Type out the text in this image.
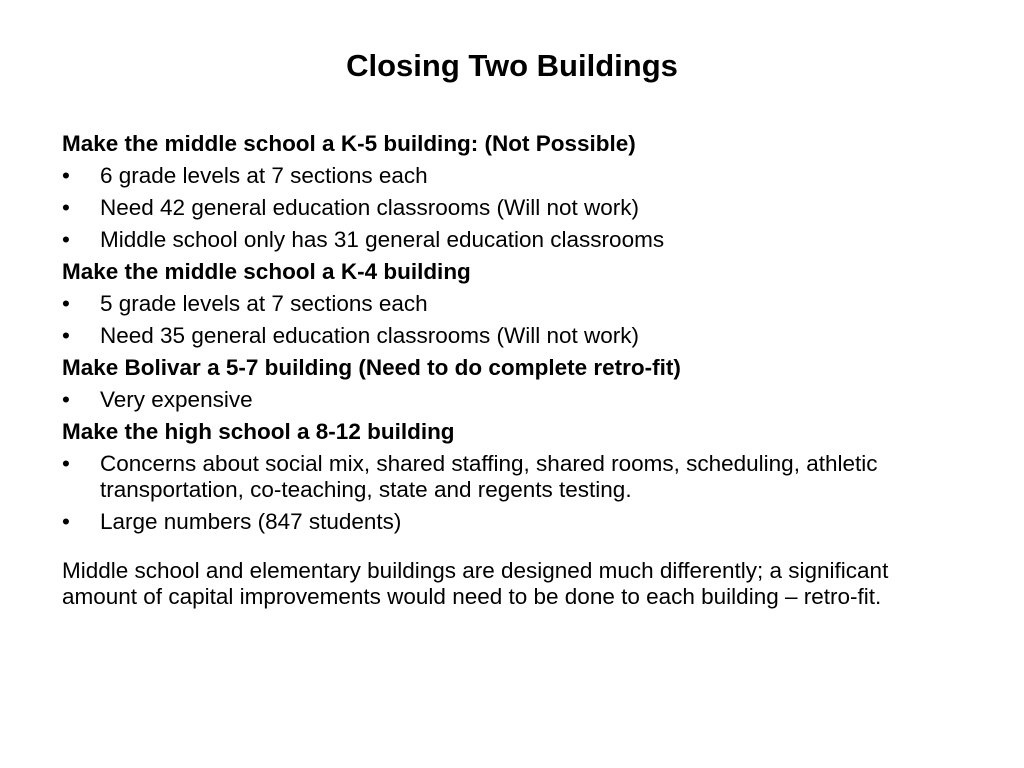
Closing Two Buildings
Make the middle school a K-5 building: (Not Possible)
•	6 grade levels at 7 sections each
•	Need 42 general education classrooms (Will not work)
•	Middle school only has 31 general education classrooms
Make the middle school a K-4 building
•	5 grade levels at 7 sections each
•	Need 35 general education classrooms (Will not work)
Make Bolivar a 5-7 building (Need to do complete retro-fit)
•	Very expensive
Make the high school a 8-12 building
•	Concerns about social mix, shared staffing, shared rooms, scheduling, athletic transportation, co-teaching, state and regents testing.
•	Large numbers (847 students)
Middle school and elementary buildings are designed much differently; a significant amount of capital improvements would need to be done to each building – retro-fit.
